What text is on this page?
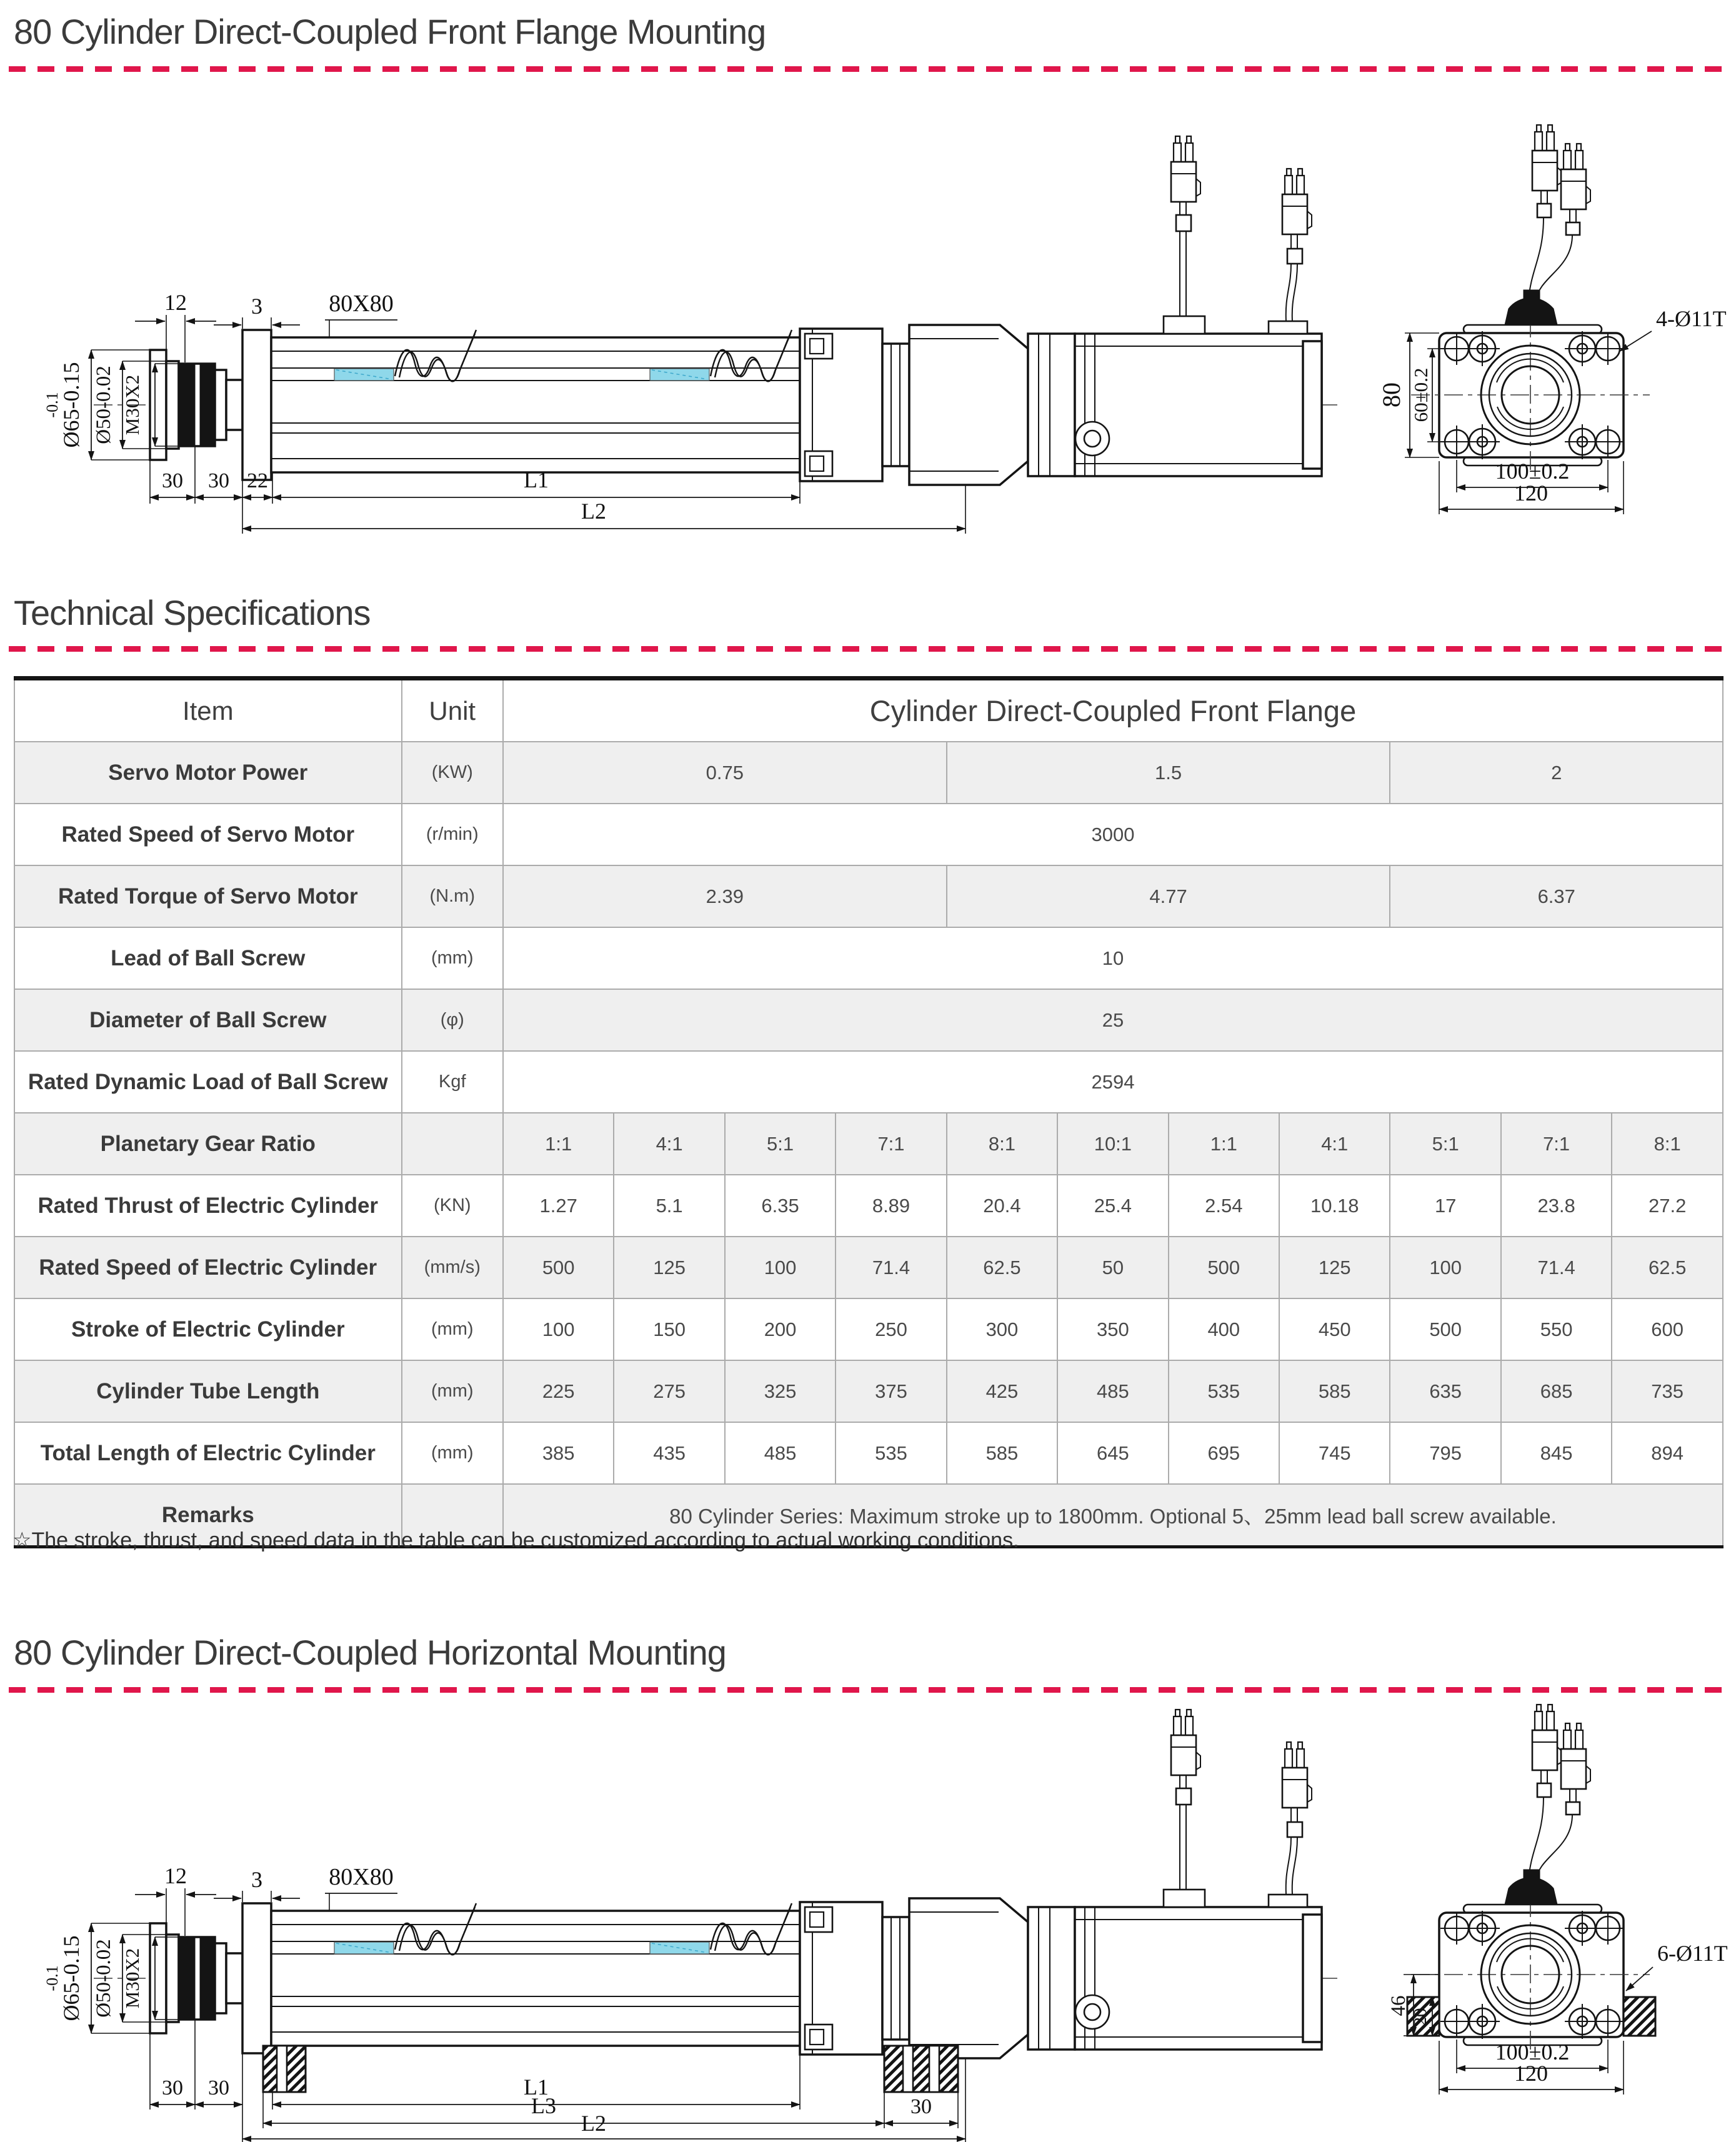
80 Cylinder Direct-Coupled Front Flange Mounting
-0.1
Ø65-0.15 Ø50-0.02 M30X2
12	3	80X80
30 30 22	L1
L2
80 60±0.2
100±0.2
120
4-Ø11T
Technical Specifications
Item	Unit	Cylinder Direct-Coupled Front Flange										
Servo Motor Power	(KW)	0.75				1.5				2		
Rated Speed of Servo Motor	(r/min)	3000										
Rated Torque of Servo Motor	(N.m)	2.39				4.77				6.37		
Lead of Ball Screw	(mm)	10										
Diameter of Ball Screw	(φ)	25										
Rated Dynamic Load of Ball Screw	Kgf	2594										
Planetary Gear Ratio		1:1	4:1	5:1	7:1	8:1	10:1	1:1	4:1	5:1	7:1	8:1
Rated Thrust of Electric Cylinder	(KN)	1.27	5.1	6.35	8.89	20.4	25.4	2.54	10.18	17	23.8	27.2
Rated Speed of Electric Cylinder	(mm/s)	500	125	100	71.4	62.5	50	500	125	100	71.4	62.5
Stroke of Electric Cylinder	(mm)	100	150	200	250	300	350	400	450	500	550	600
Cylinder Tube Length	(mm)	225	275	325	375	425	485	535	585	635	685	735
Total Length of Electric Cylinder	(mm)	385	435	485	535	585	645	695	745	795	845	894
Remarks		80 Cylinder Series: Maximum stroke up to 1800mm. Optional 5、25mm lead ball screw available.										
☆The stroke, thrust, and speed data in the table can be customized according to actual working conditions.
80 Cylinder Direct-Coupled Horizontal Mounting
-0.1
Ø65-0.15 Ø50-0.02 M30X2
12	3	80X80
30 30	L1
L3	30
L2
46
20
100±0.2
120
6-Ø11T
